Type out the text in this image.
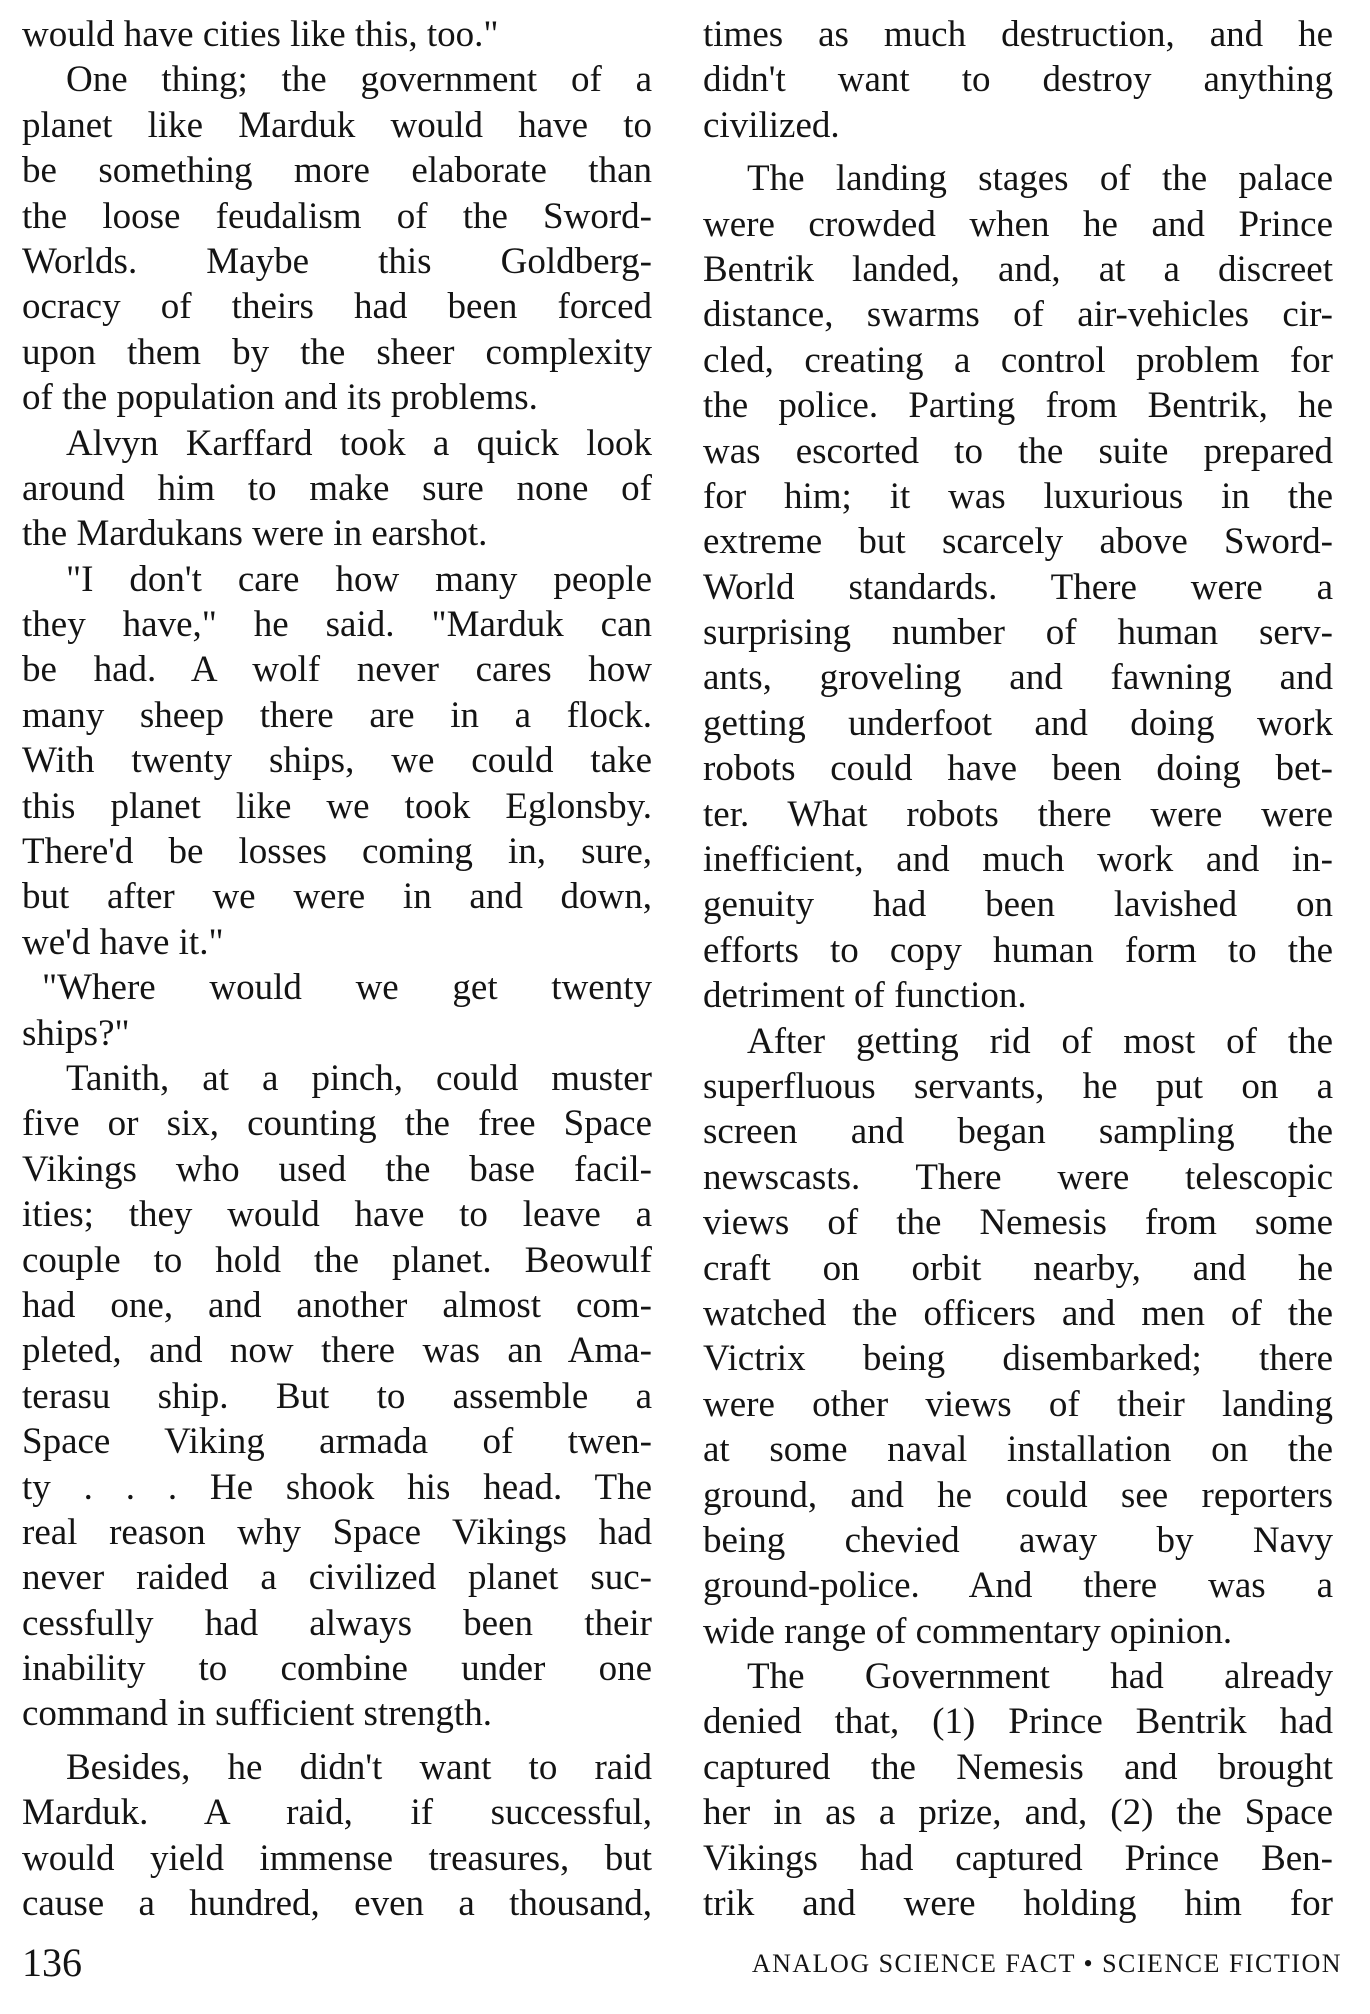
would have cities like this, too."
One thing; the government of a
planet like Marduk would have to
be something more elaborate than
the loose feudalism of the Sword-
Worlds. Maybe this Goldberg-
ocracy of theirs had been forced
upon them by the sheer complexity
of the population and its problems.
Alvyn Karffard took a quick look
around him to make sure none of
the Mardukans were in earshot.
"I don't care how many people
they have," he said. "Marduk can
be had. A wolf never cares how
many sheep there are in a flock.
With twenty ships, we could take
this planet like we took Eglonsby.
There'd be losses coming in, sure,
but after we were in and down,
we'd have it."
"Where would we get twenty
ships?"
Tanith, at a pinch, could muster
five or six, counting the free Space
Vikings who used the base facil-
ities; they would have to leave a
couple to hold the planet. Beowulf
had one, and another almost com-
pleted, and now there was an Ama-
terasu ship. But to assemble a
Space Viking armada of twen-
ty . . . He shook his head. The
real reason why Space Vikings had
never raided a civilized planet suc-
cessfully had always been their
inability to combine under one
command in sufficient strength.
Besides, he didn't want to raid
Marduk. A raid, if successful,
would yield immense treasures, but
cause a hundred, even a thousand,
times as much destruction, and he
didn't want to destroy anything
civilized.
The landing stages of the palace
were crowded when he and Prince
Bentrik landed, and, at a discreet
distance, swarms of air-vehicles cir-
cled, creating a control problem for
the police. Parting from Bentrik, he
was escorted to the suite prepared
for him; it was luxurious in the
extreme but scarcely above Sword-
World standards. There were a
surprising number of human serv-
ants, groveling and fawning and
getting underfoot and doing work
robots could have been doing bet-
ter. What robots there were were
inefficient, and much work and in-
genuity had been lavished on
efforts to copy human form to the
detriment of function.
After getting rid of most of the
superfluous servants, he put on a
screen and began sampling the
newscasts. There were telescopic
views of the Nemesis from some
craft on orbit nearby, and he
watched the officers and men of the
Victrix being disembarked; there
were other views of their landing
at some naval installation on the
ground, and he could see reporters
being chevied away by Navy
ground-police. And there was a
wide range of commentary opinion.
The Government had already
denied that, (1) Prince Bentrik had
captured the Nemesis and brought
her in as a prize, and, (2) the Space
Vikings had captured Prince Ben-
trik and were holding him for
136	ANALOG SCIENCE FACT • SCIENCE FICTION
